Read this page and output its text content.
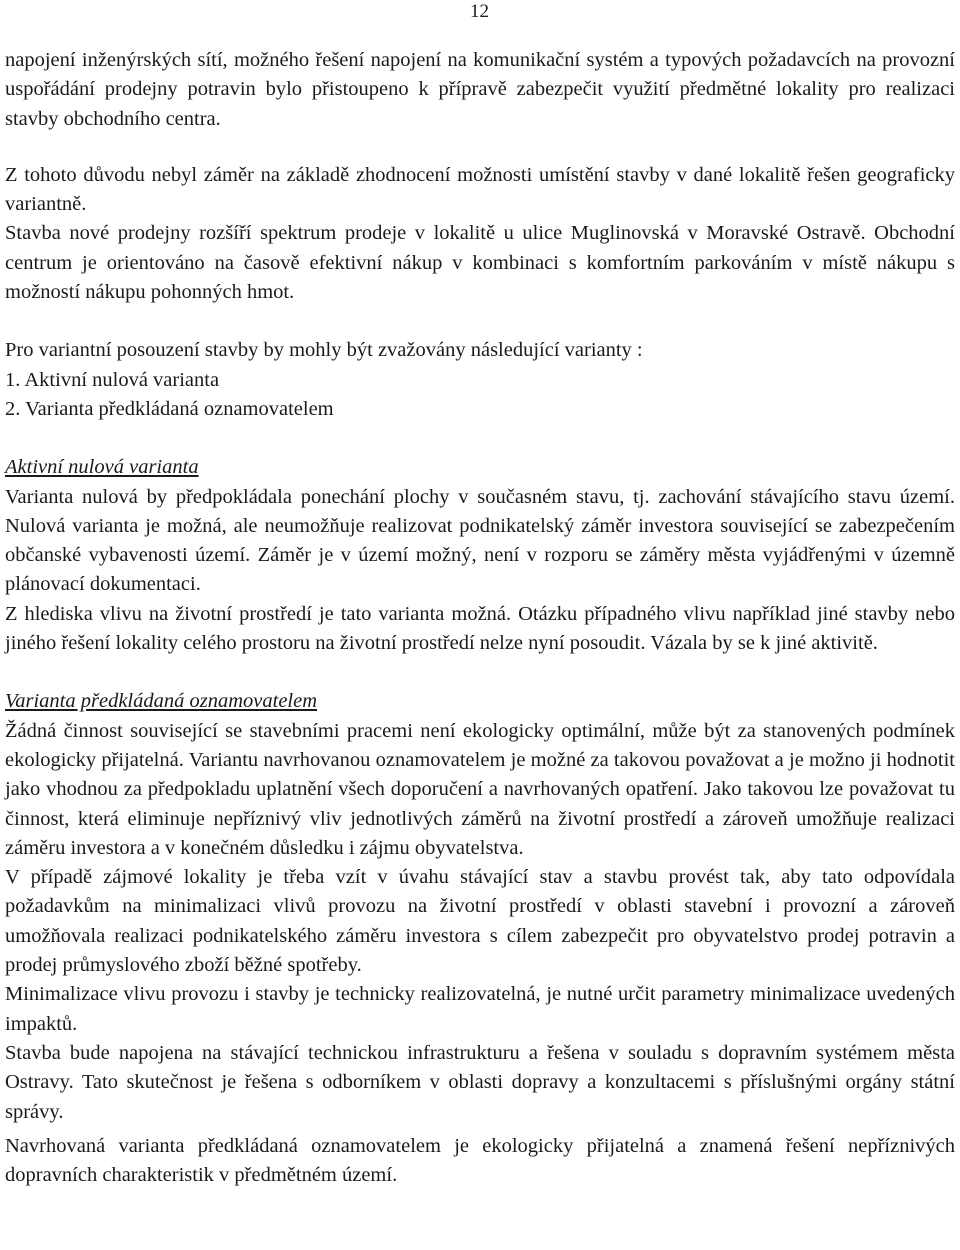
12

napojení inženýrských sítí, možného řešení napojení na komunikační systém a typových požadavcích na provozní uspořádání prodejny potravin bylo přistoupeno k přípravě zabezpečit využití předmětné lokality pro realizaci stavby obchodního centra.

Z tohoto důvodu nebyl záměr na základě zhodnocení možnosti umístění stavby v dané lokalitě řešen geograficky variantně.

Stavba nové prodejny rozšíří spektrum prodeje v lokalitě u ulice Muglinovská v Moravské Ostravě. Obchodní centrum je orientováno na časově efektivní nákup v kombinaci s komfortním parkováním v místě nákupu s možností nákupu pohonných hmot.

Pro variantní posouzení stavby by mohly být zvažovány následující varianty :

1. Aktivní nulová varianta

2. Varianta předkládaná oznamovatelem

Aktivní nulová varianta

Varianta nulová by předpokládala ponechání plochy v současném stavu, tj. zachování stávajícího stavu území. Nulová varianta je možná, ale neumožňuje realizovat podnikatelský záměr investora související se zabezpečením občanské vybavenosti území. Záměr je v území možný, není v rozporu se záměry města vyjádřenými v územně plánovací dokumentaci.

Z hlediska vlivu na životní prostředí je tato varianta možná. Otázku případného vlivu například jiné stavby nebo jiného řešení lokality celého prostoru na životní prostředí nelze nyní posoudit. Vázala by se k jiné aktivitě.

Varianta předkládaná oznamovatelem

Žádná činnost související se stavebními pracemi není ekologicky optimální, může být za stanovených podmínek ekologicky přijatelná. Variantu navrhovanou oznamovatelem je možné za takovou považovat a je možno ji hodnotit jako vhodnou za předpokladu uplatnění všech doporučení a navrhovaných opatření. Jako takovou lze považovat tu činnost, která eliminuje nepříznivý vliv jednotlivých záměrů na životní prostředí a zároveň umožňuje realizaci záměru investora a v konečném důsledku i zájmu obyvatelstva.

V případě zájmové lokality je třeba vzít v úvahu stávající stav a stavbu provést tak, aby tato odpovídala požadavkům na minimalizaci vlivů provozu na životní prostředí v oblasti stavební i provozní a zároveň umožňovala realizaci podnikatelského záměru investora s cílem zabezpečit pro obyvatelstvo prodej potravin a prodej průmyslového zboží běžné spotřeby.

Minimalizace vlivu provozu i stavby je technicky realizovatelná, je nutné určit parametry minimalizace uvedených impaktů.

Stavba bude napojena na stávající technickou infrastrukturu a řešena v souladu s dopravním systémem města Ostravy. Tato skutečnost je řešena s odborníkem v oblasti dopravy a konzultacemi s příslušnými orgány státní správy.

Navrhovaná varianta předkládaná oznamovatelem je ekologicky přijatelná a znamená řešení nepříznivých dopravních charakteristik v předmětném území.
